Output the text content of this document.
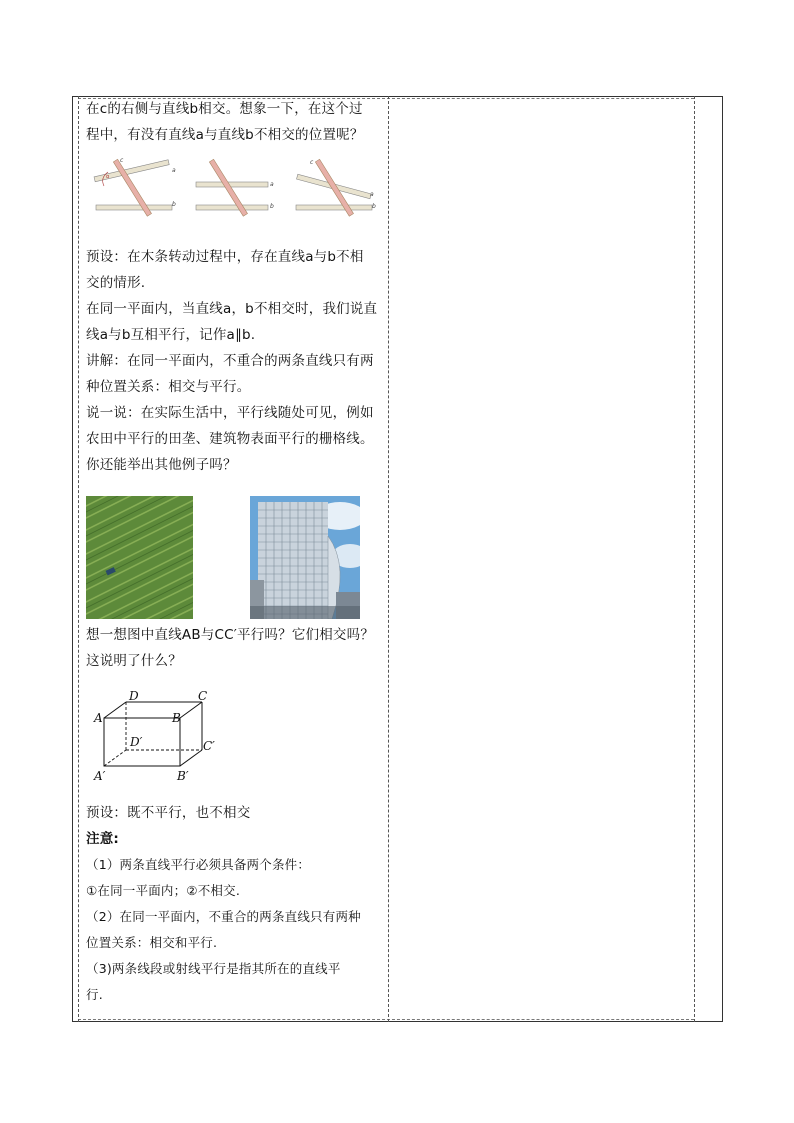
在c的右侧与直线b相交。想象一下，在这个过

程中，有没有直线a与直线b不相交的位置呢？

c
a
b
α
a
b
c
a
b

预设：在木条转动过程中，存在直线a与b不相

交的情形.

在同一平面内，当直线a，b不相交时，我们说直

线a与b互相平行，记作a∥b.

讲解：在同一平面内，不重合的两条直线只有两

种位置关系：相交与平行。

说一说：在实际生活中，平行线随处可见，例如

农田中平行的田垄、建筑物表面平行的栅格线。

你还能举出其他例子吗？

想一想图中直线AB与CC′平行吗？它们相交吗？

这说明了什么？

D	C
A	B
D′	C′
A′	B′

预设：既不平行，也不相交

注意:

（1）两条直线平行必须具备两个条件：

①在同一平面内；②不相交.

（2）在同一平面内，不重合的两条直线只有两种

位置关系：相交和平行.

（3)两条线段或射线平行是指其所在的直线平

行.
